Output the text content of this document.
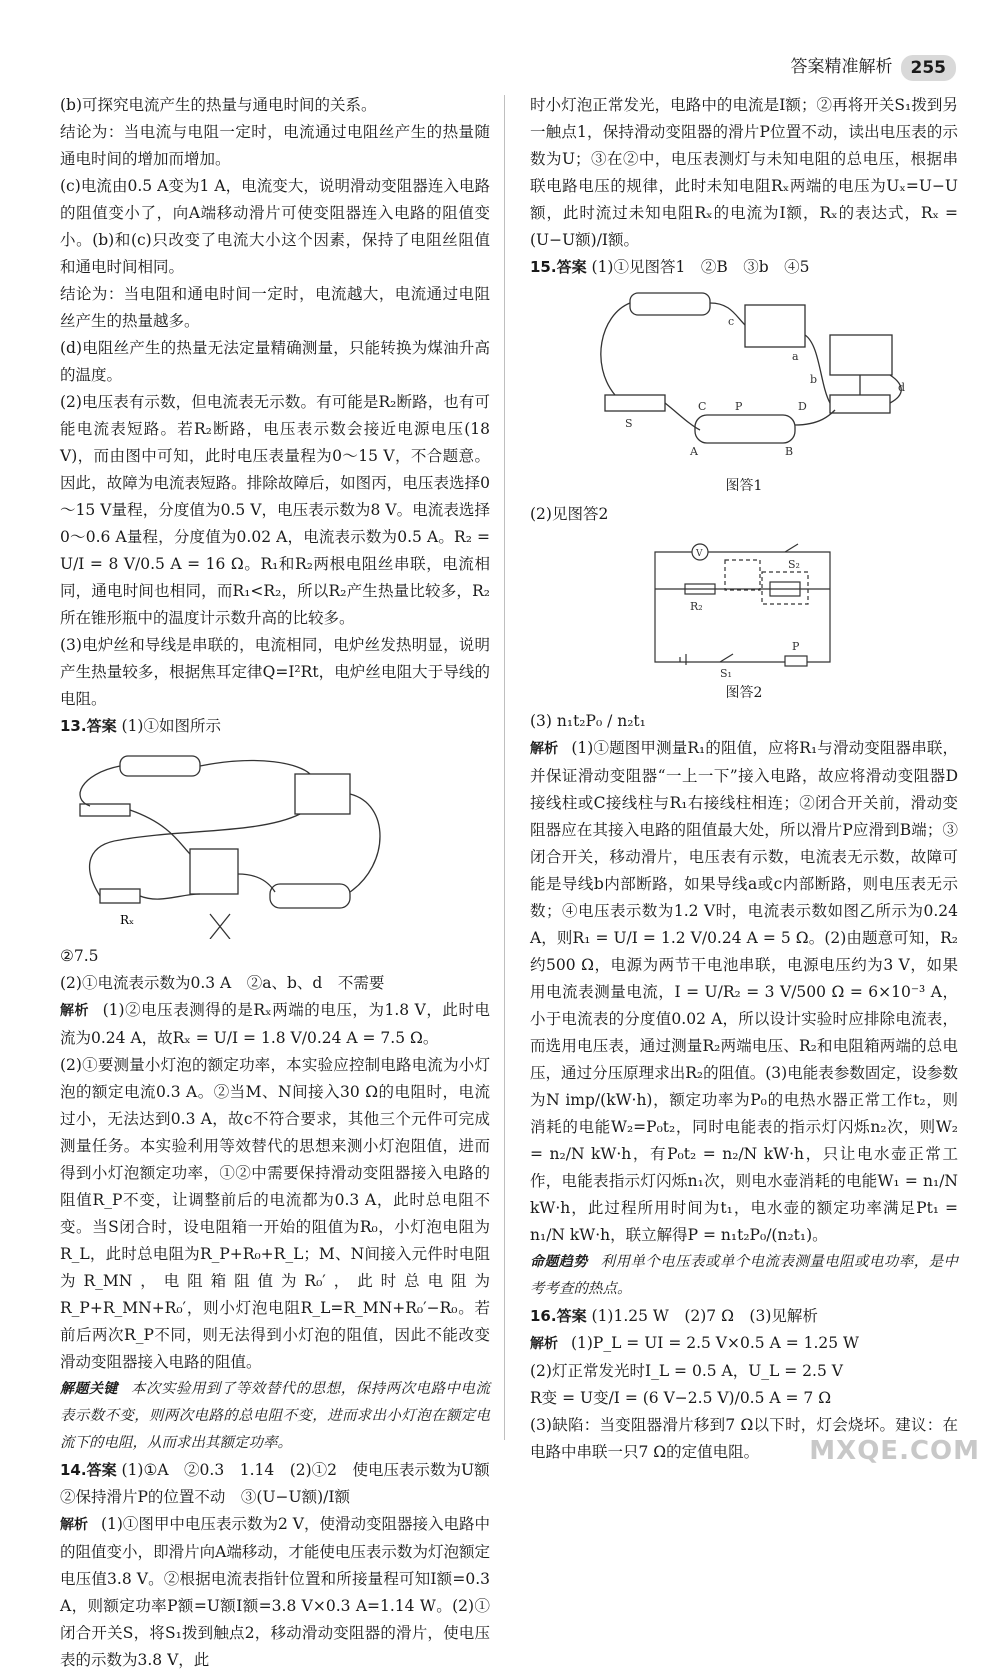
答案精准解析	255

(b)可探究电流产生的热量与通电时间的关系。

结论为：当电流与电阻一定时，电流通过电阻丝产生的热量随通电时间的增加而增加。

(c)电流由0.5 A变为1 A，电流变大，说明滑动变阻器连入电路的阻值变小了，向A端移动滑片可使变阻器连入电路的阻值变小。(b)和(c)只改变了电流大小这个因素，保持了电阻丝阻值和通电时间相同。

结论为：当电阻和通电时间一定时，电流越大，电流通过电阻丝产生的热量越多。

(d)电阻丝产生的热量无法定量精确测量，只能转换为煤油升高的温度。

(2)电压表有示数，但电流表无示数。有可能是R₂断路，也有可能电流表短路。若R₂断路，电压表示数会接近电源电压(18 V)，而由图中可知，此时电压表量程为0～15 V，不合题意。因此，故障为电流表短路。排除故障后，如图丙，电压表选择0～15 V量程，分度值为0.5 V，电压表示数为8 V。电流表选择0～0.6 A量程，分度值为0.02 A，电流表示数为0.5 A。R₂ = U/I = 8 V/0.5 A = 16 Ω。R₁和R₂两根电阻丝串联，电流相同，通电时间也相同，而R₁<R₂，所以R₂产生热量比较多，R₂所在锥形瓶中的温度计示数升高的比较多。

(3)电炉丝和导线是串联的，电流相同，电炉丝发热明显，说明产生热量较多，根据焦耳定律Q=I²Rt，电炉丝电阻大于导线的电阻。

13.答案 (1)①如图所示

Rₓ

②7.5

(2)①电流表示数为0.3 A　②a、b、d　不需要

解析 (1)②电压表测得的是Rₓ两端的电压，为1.8 V，此时电流为0.24 A，故Rₓ = U/I = 1.8 V/0.24 A = 7.5 Ω。

(2)①要测量小灯泡的额定功率，本实验应控制电路电流为小灯泡的额定电流0.3 A。②当M、N间接入30 Ω的电阻时，电流过小，无法达到0.3 A，故c不符合要求，其他三个元件可完成测量任务。本实验利用等效替代的思想来测小灯泡阻值，进而得到小灯泡额定功率，①②中需要保持滑动变阻器接入电路的阻值R_P不变，让调整前后的电流都为0.3 A，此时总电阻不变。当S闭合时，设电阻箱一开始的阻值为R₀，小灯泡电阻为R_L，此时总电阻为R_P+R₀+R_L；M、N间接入元件时电阻为R_MN，电阻箱阻值为R₀′，此时总电阻为R_P+R_MN+R₀′，则小灯泡电阻R_L=R_MN+R₀′−R₀。若前后两次R_P不同，则无法得到小灯泡的阻值，因此不能改变滑动变阻器接入电路的阻值。

解题关键 本次实验用到了等效替代的思想，保持两次电路中电流表示数不变，则两次电路的总电阻不变，进而求出小灯泡在额定电流下的电阻，从而求出其额定功率。

14.答案 (1)①A　②0.3　1.14　(2)①2　使电压表示数为U额

②保持滑片P的位置不动　③(U−U额)/I额

解析 (1)①图甲中电压表示数为2 V，使滑动变阻器接入电路中的阻值变小，即滑片向A端移动，才能使电压表示数为灯泡额定电压值3.8 V。②根据电流表指针位置和所接量程可知I额=0.3 A，则额定功率P额=U额I额=3.8 V×0.3 A=1.14 W。(2)①闭合开关S，将S₁拨到触点2，移动滑动变阻器的滑片，使电压表的示数为3.8 V，此

时小灯泡正常发光，电路中的电流是I额；②再将开关S₁拨到另一触点1，保持滑动变阻器的滑片P位置不动，读出电压表的示数为U；③在②中，电压表测灯与未知电阻的总电压，根据串联电路电压的规律，此时未知电阻Rₓ两端的电压为Uₓ=U−U额，此时流过未知电阻Rₓ的电流为I额，Rₓ的表达式，Rₓ = (U−U额)/I额。

15.答案 (1)①见图答1　②B　③b　④5

S
C	P	D
A	B
a
b
c
d
图答1

(2)见图答2

S₂
R₂
P
S₁
V
图答2

(3) n₁t₂P₀ / n₂t₁

解析 (1)①题图甲测量R₁的阻值，应将R₁与滑动变阻器串联，并保证滑动变阻器“一上一下”接入电路，故应将滑动变阻器D接线柱或C接线柱与R₁右接线柱相连；②闭合开关前，滑动变阻器应在其接入电路的阻值最大处，所以滑片P应滑到B端；③闭合开关，移动滑片，电压表有示数，电流表无示数，故障可能是导线b内部断路，如果导线a或c内部断路，则电压表无示数；④电压表示数为1.2 V时，电流表示数如图乙所示为0.24 A，则R₁ = U/I = 1.2 V/0.24 A = 5 Ω。(2)由题意可知，R₂约500 Ω，电源为两节干电池串联，电源电压约为3 V，如果用电流表测量电流，I = U/R₂ = 3 V/500 Ω = 6×10⁻³ A，小于电流表的分度值0.02 A，所以设计实验时应排除电流表，而选用电压表，通过测量R₂两端电压、R₂和电阻箱两端的总电压，通过分压原理求出R₂的阻值。(3)电能表参数固定，设参数为N imp/(kW·h)，额定功率为P₀的电热水器正常工作t₂，则消耗的电能W₂=P₀t₂，同时电能表的指示灯闪烁n₂次，则W₂ = n₂/N kW·h，有P₀t₂ = n₂/N kW·h，只让电水壶正常工作，电能表指示灯闪烁n₁次，则电水壶消耗的电能W₁ = n₁/N kW·h，此过程所用时间为t₁，电水壶的额定功率满足Pt₁ = n₁/N kW·h，联立解得P = n₁t₂P₀/(n₂t₁)。

命题趋势 利用单个电压表或单个电流表测量电阻或电功率，是中考考查的热点。

16.答案 (1)1.25 W　(2)7 Ω　(3)见解析

解析 (1)P_L = UI = 2.5 V×0.5 A = 1.25 W

(2)灯正常发光时I_L = 0.5 A，U_L = 2.5 V

R变 = U变/I = (6 V−2.5 V)/0.5 A = 7 Ω

(3)缺陷：当变阻器滑片移到7 Ω以下时，灯会烧坏。建议：在电路中串联一只7 Ω的定值电阻。	MXQE.COM
